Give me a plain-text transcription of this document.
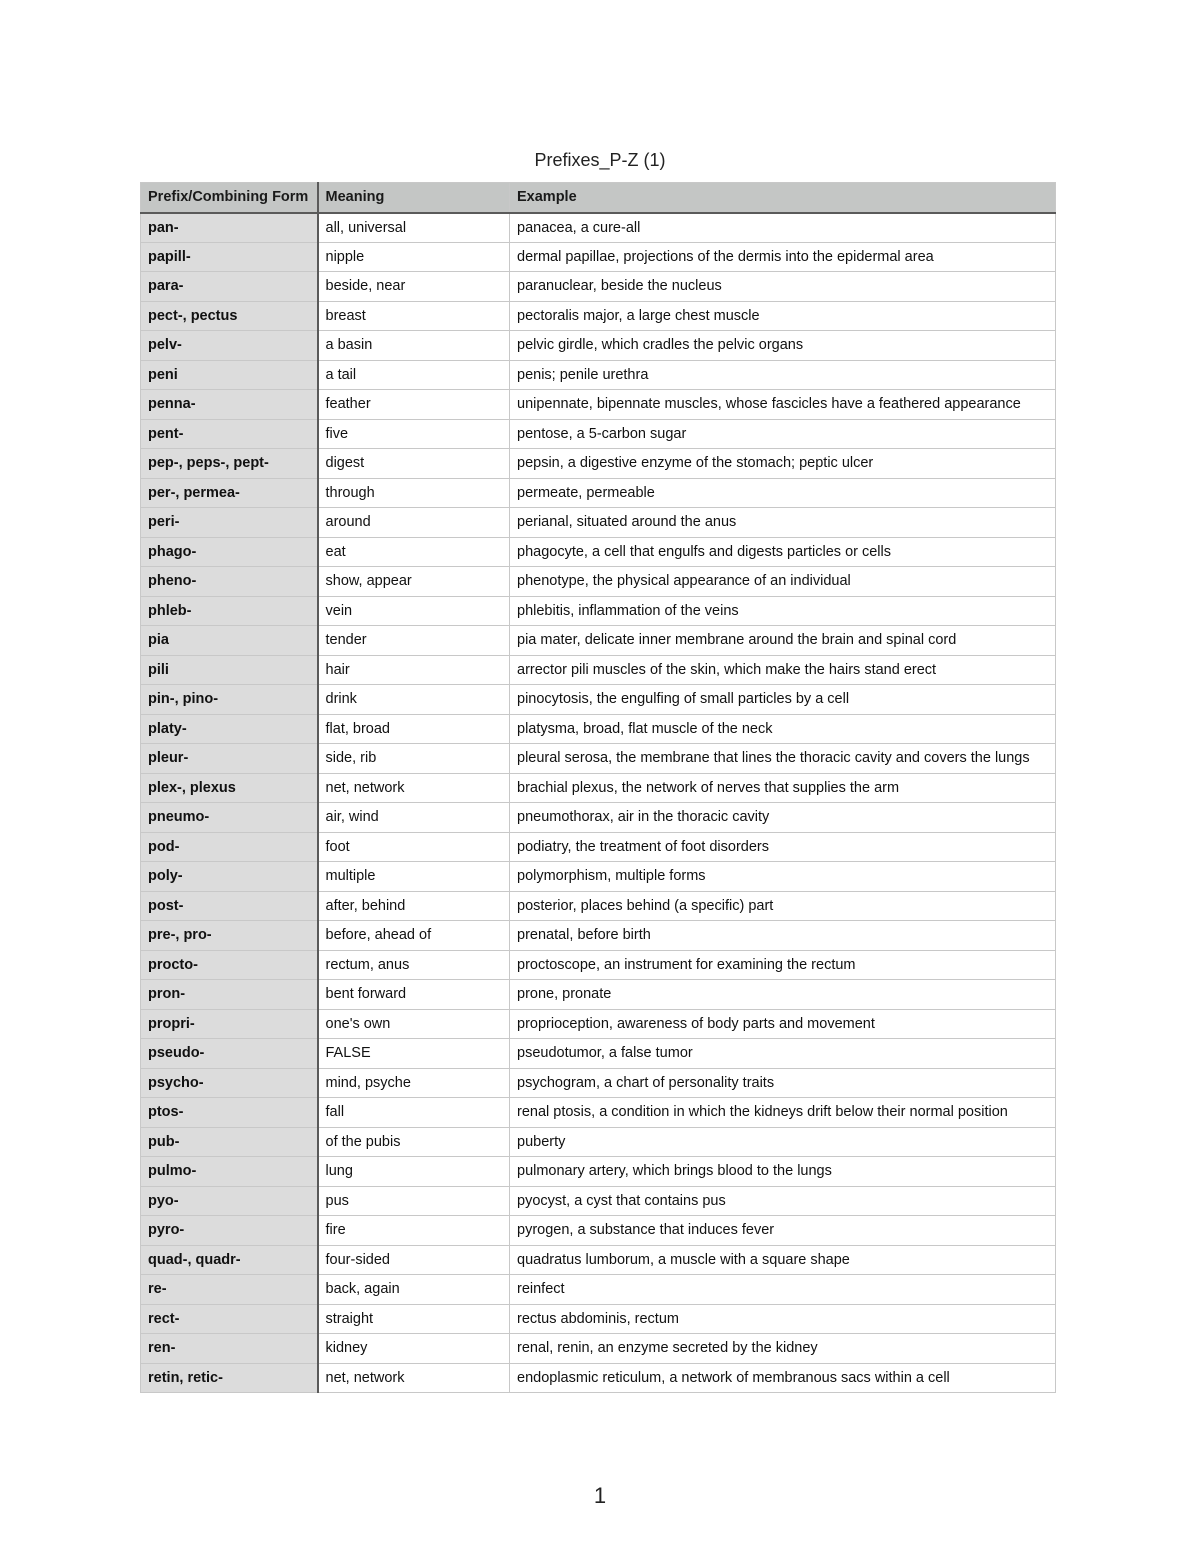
Prefixes_P-Z (1)
Prefix/Combining Form	Meaning	Example
pan-	all, universal	panacea, a cure-all
papill-	nipple	dermal papillae, projections of the dermis into the epidermal area
para-	beside, near	paranuclear, beside the nucleus
pect-, pectus	breast	pectoralis major, a large chest muscle
pelv-	a basin	pelvic girdle, which cradles the pelvic organs
peni	a tail	penis; penile urethra
penna-	feather	unipennate, bipennate muscles, whose fascicles have a feathered appearance
pent-	five	pentose, a 5-carbon sugar
pep-, peps-, pept-	digest	pepsin, a digestive enzyme of the stomach; peptic ulcer
per-, permea-	through	permeate, permeable
peri-	around	perianal, situated around the anus
phago-	eat	phagocyte, a cell that engulfs and digests particles or cells
pheno-	show, appear	phenotype, the physical appearance of an individual
phleb-	vein	phlebitis, inflammation of the veins
pia	tender	pia mater, delicate inner membrane around the brain and spinal cord
pili	hair	arrector pili muscles of the skin, which make the hairs stand erect
pin-, pino-	drink	pinocytosis, the engulfing of small particles by a cell
platy-	flat, broad	platysma, broad, flat muscle of the neck
pleur-	side, rib	pleural serosa, the membrane that lines the thoracic cavity and covers the lungs
plex-, plexus	net, network	brachial plexus, the network of nerves that supplies the arm
pneumo-	air, wind	pneumothorax, air in the thoracic cavity
pod-	foot	podiatry, the treatment of foot disorders
poly-	multiple	polymorphism, multiple forms
post-	after, behind	posterior, places behind (a specific) part
pre-, pro-	before, ahead of	prenatal, before birth
procto-	rectum, anus	proctoscope, an instrument for examining the rectum
pron-	bent forward	prone, pronate
propri-	one's own	proprioception, awareness of body parts and movement
pseudo-	FALSE	pseudotumor, a false tumor
psycho-	mind, psyche	psychogram, a chart of personality traits
ptos-	fall	renal ptosis, a condition in which the kidneys drift below their normal position
pub-	of the pubis	puberty
pulmo-	lung	pulmonary artery, which brings blood to the lungs
pyo-	pus	pyocyst, a cyst that contains pus
pyro-	fire	pyrogen, a substance that induces fever
quad-, quadr-	four-sided	quadratus lumborum, a muscle with a square shape
re-	back, again	reinfect
rect-	straight	rectus abdominis, rectum
ren-	kidney	renal, renin, an enzyme secreted by the kidney
retin, retic-	net, network	endoplasmic reticulum, a network of membranous sacs within a cell
1
